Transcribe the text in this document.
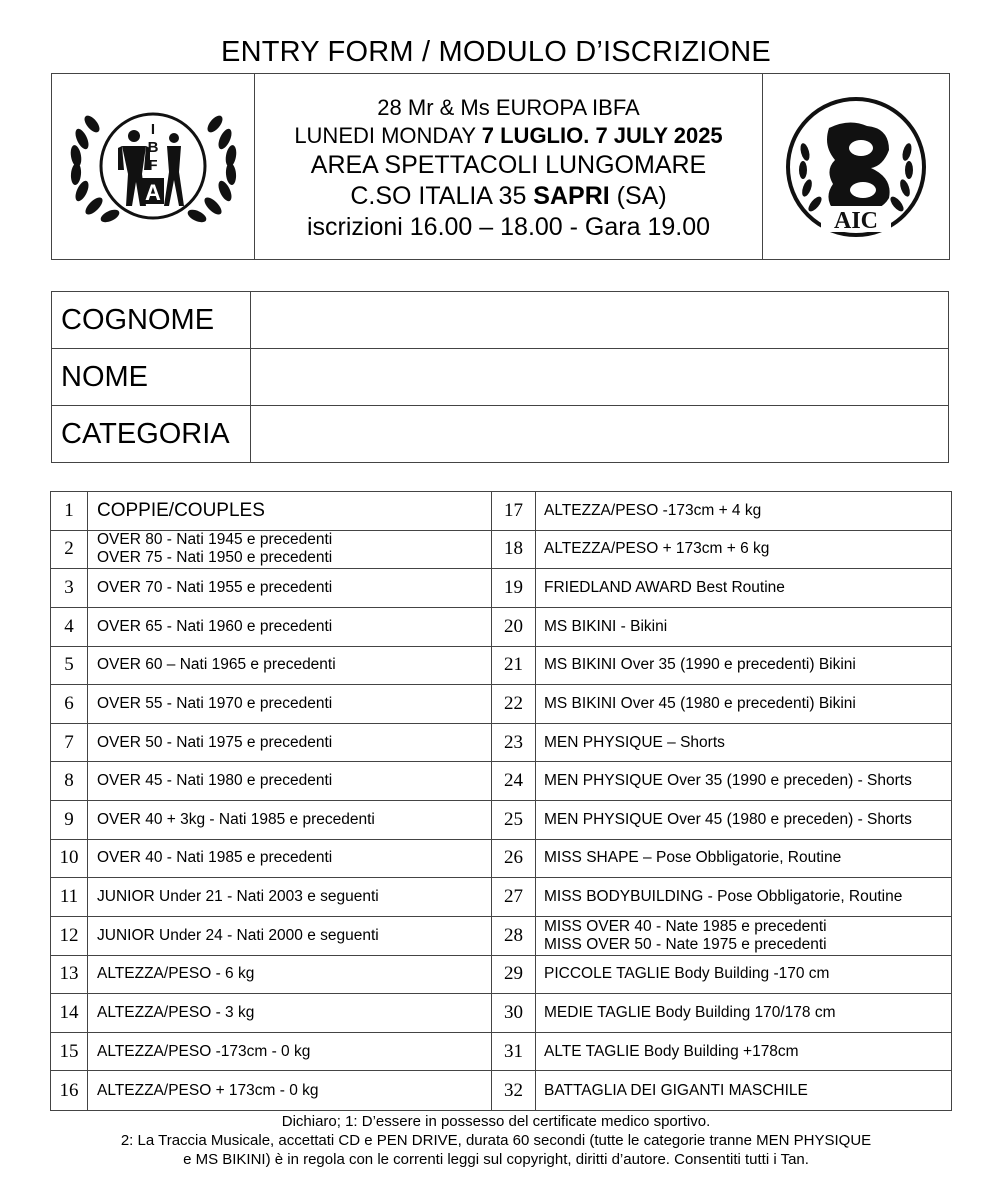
ENTRY FORM / MODULO D’ISCRIZIONE
I
B
F
A
28 Mr & Ms EUROPA IBFA
LUNEDI MONDAY 7 LUGLIO. 7 JULY 2025
AREA SPETTACOLI LUNGOMARE
C.SO ITALIA 35 SAPRI (SA)
iscrizioni 16.00 – 18.00 - Gara 19.00	AIC
COGNOME
NOME
CATEGORIA
1	COPPIE/COUPLES	17	ALTEZZA/PESO -173cm + 4 kg
2	OVER 80 - Nati 1945 e precedenti
OVER 75 - Nati 1950 e precedenti	18	ALTEZZA/PESO + 173cm + 6 kg
3	OVER 70 - Nati 1955 e precedenti	19	FRIEDLAND AWARD Best Routine
4	OVER 65 - Nati 1960 e precedenti	20	MS BIKINI - Bikini
5	OVER 60 – Nati 1965 e precedenti	21	MS BIKINI Over 35 (1990 e precedenti) Bikini
6	OVER 55 - Nati 1970 e precedenti	22	MS BIKINI Over 45 (1980 e precedenti) Bikini
7	OVER 50 - Nati 1975 e precedenti	23	MEN PHYSIQUE – Shorts
8	OVER 45 - Nati 1980 e precedenti	24	MEN PHYSIQUE Over 35 (1990 e preceden) - Shorts
9	OVER 40 + 3kg - Nati 1985 e precedenti	25	MEN PHYSIQUE Over 45 (1980 e preceden) - Shorts
10	OVER 40 - Nati 1985 e precedenti	26	MISS SHAPE – Pose Obbligatorie, Routine
11	JUNIOR Under 21 - Nati 2003 e seguenti	27	MISS BODYBUILDING - Pose Obbligatorie, Routine
12	JUNIOR Under 24 - Nati 2000 e seguenti	28	MISS OVER 40 - Nate 1985 e precedenti
MISS OVER 50 - Nate 1975 e precedenti
13	ALTEZZA/PESO - 6 kg	29	PICCOLE TAGLIE Body Building -170 cm
14	ALTEZZA/PESO - 3 kg	30	MEDIE TAGLIE Body Building 170/178 cm
15	ALTEZZA/PESO -173cm - 0 kg	31	ALTE TAGLIE Body Building +178cm
16	ALTEZZA/PESO + 173cm - 0 kg	32	BATTAGLIA DEI GIGANTI MASCHILE
Dichiaro; 1: D’essere in possesso del certificate medico sportivo.
2: La Traccia Musicale, accettati CD e PEN DRIVE, durata 60 secondi (tutte le categorie tranne MEN PHYSIQUE
e MS BIKINI) è in regola con le correnti leggi sul copyright, diritti d’autore. Consentiti tutti i Tan.
